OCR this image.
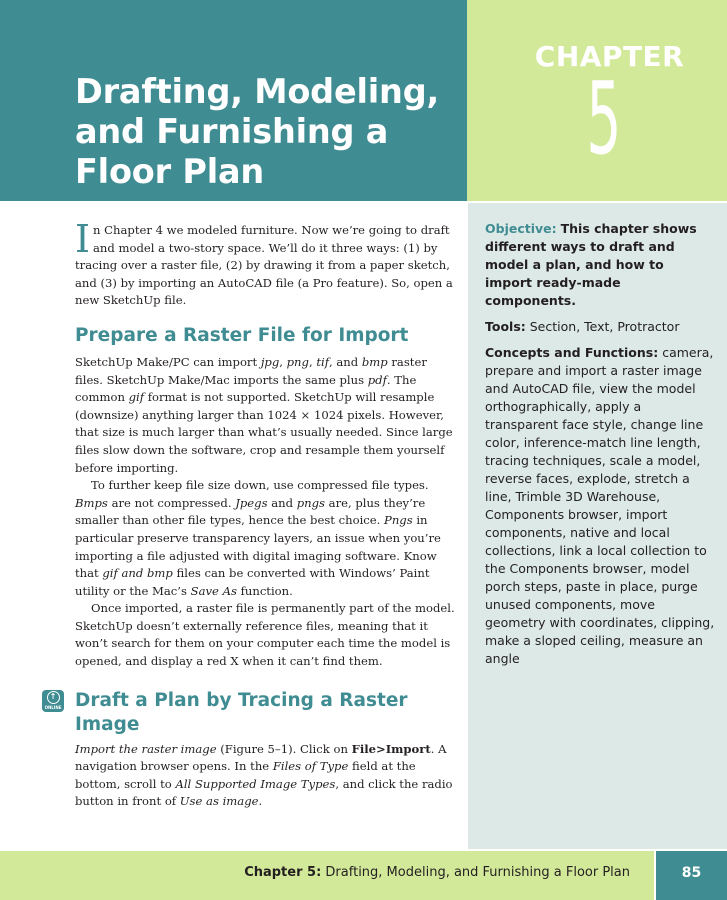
Drafting, Modeling, and Furnishing a Floor Plan
CHAPTER
5

Objective: This chapter shows different ways to draft and model a plan, and how to import ready-made components.

Tools: Section, Text, Protractor

Concepts and Functions: camera, prepare and import a raster image and AutoCAD file, view the model orthographically, apply a transparent face style, change line color, inference-match line length, tracing techniques, scale a model, reverse faces, explode, stretch a line, Trimble 3D Warehouse, Components browser, import components, native and local collections, link a local collection to the Components browser, model porch steps, paste in place, purge unused components, move geometry with coordinates, clipping, make a sloped ceiling, measure an angle

In Chapter 4 we modeled furniture. Now we’re going to draft and model a two-story space. We’ll do it three ways: (1) by tracing over a raster file, (2) by drawing it from a paper sketch, and (3) by importing an AutoCAD file (a Pro feature). So, open a new SketchUp file.

Prepare a Raster File for Import

SketchUp Make/PC can import jpg, png, tif, and bmp raster files. SketchUp Make/Mac imports the same plus pdf. The common gif format is not supported. SketchUp will resample (downsize) anything larger than 1024 × 1024 pixels. However, that size is much larger than what’s usually needed. Since large files slow down the software, crop and resample them yourself before importing.

To further keep file size down, use compressed file types. Bmps are not compressed. Jpegs and pngs are, plus they’re smaller than other file types, hence the best choice. Pngs in particular preserve transparency layers, an issue when you’re importing a file adjusted with digital imaging software. Know that gif and bmp files can be converted with Windows’ Paint utility or the Mac’s Save As function.

Once imported, a raster file is permanently part of the model. SketchUp doesn’t externally reference files, meaning that it won’t search for them on your computer each time the model is opened, and display a red X when it can’t find them.

↑
ONLINE Draft a Plan by Tracing a Raster Image

Import the raster image (Figure 5–1). Click on File>Import. A navigation browser opens. In the Files of Type field at the bottom, scroll to All Supported Image Types, and click the radio button in front of Use as image.

Chapter 5: Drafting, Modeling, and Furnishing a Floor Plan	85
